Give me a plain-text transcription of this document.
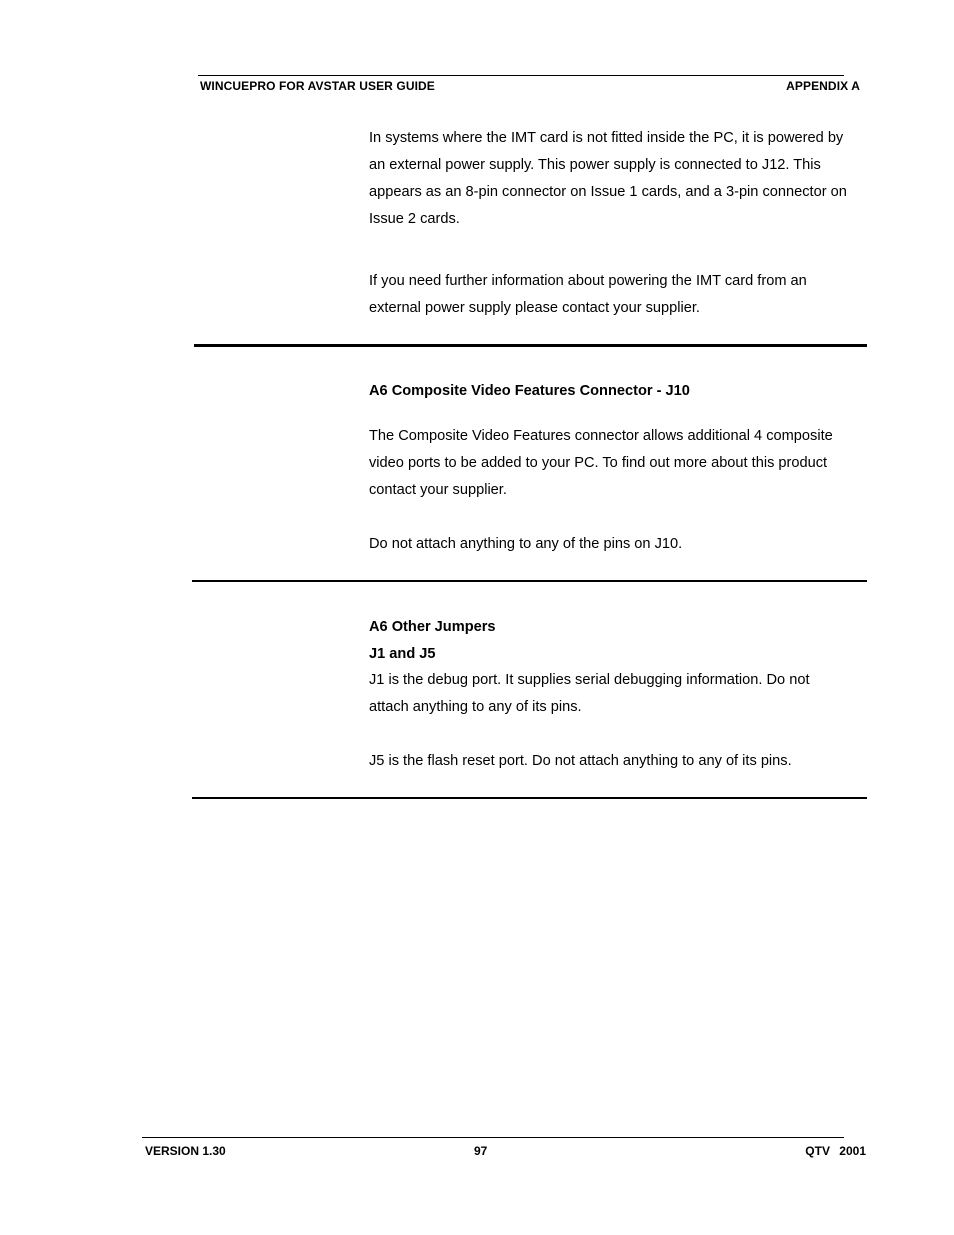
WINCUEPRO FOR AVSTAR USER GUIDE	APPENDIX A

In systems where the IMT card is not fitted inside the PC, it is powered by an external power supply. This power supply is connected to J12. This appears as an 8-pin connector on Issue 1 cards, and a 3-pin connector on Issue 2 cards.

If you need further information about powering the IMT card from an external power supply please contact your supplier.

A6 Composite Video Features Connector - J10

The Composite Video Features connector allows additional 4 composite video ports to be added to your PC. To find out more about this product contact your supplier.

Do not attach anything to any of the pins on J10.

A6 Other Jumpers
J1 and J5

J1 is the debug port. It supplies serial debugging information. Do not attach anything to any of its pins.

J5 is the flash reset port. Do not attach anything to any of its pins.

VERSION 1.30	97	QTV 2001
